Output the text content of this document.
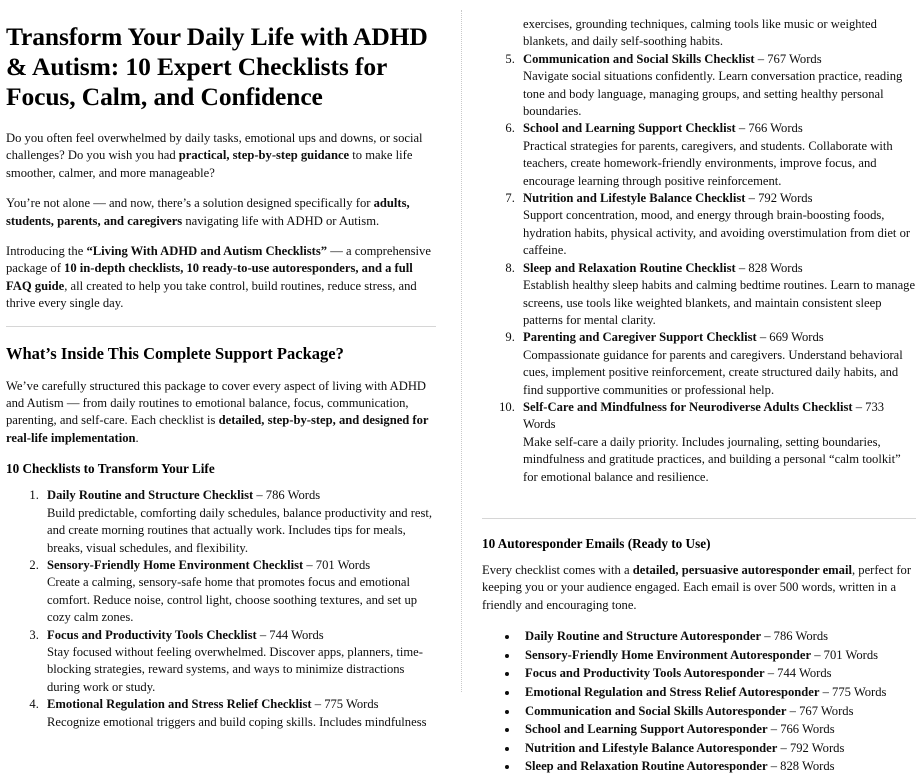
Transform Your Daily Life with ADHD & Autism: 10 Expert Checklists for Focus, Calm, and Confidence

Do you often feel overwhelmed by daily tasks, emotional ups and downs, or social challenges? Do you wish you had practical, step-by-step guidance to make life smoother, calmer, and more manageable?

You’re not alone — and now, there’s a solution designed specifically for adults, students, parents, and caregivers navigating life with ADHD or Autism.

Introducing the “Living With ADHD and Autism Checklists” — a comprehensive package of 10 in-depth checklists, 10 ready-to-use autoresponders, and a full FAQ guide, all created to help you take control, build routines, reduce stress, and thrive every single day.

What’s Inside This Complete Support Package?

We’ve carefully structured this package to cover every aspect of living with ADHD and Autism — from daily routines to emotional balance, focus, communication, parenting, and self-care. Each checklist is detailed, step-by-step, and designed for real-life implementation.

10 Checklists to Transform Your Life
1. Daily Routine and Structure Checklist – 786 Words
Build predictable, comforting daily schedules, balance productivity and rest, and create morning routines that actually work. Includes tips for meals, breaks, visual schedules, and flexibility.
2. Sensory-Friendly Home Environment Checklist – 701 Words
Create a calming, sensory-safe home that promotes focus and emotional comfort. Reduce noise, control light, choose soothing textures, and set up cozy calm zones.
3. Focus and Productivity Tools Checklist – 744 Words
Stay focused without feeling overwhelmed. Discover apps, planners, time-blocking strategies, reward systems, and ways to minimize distractions during work or study.
4. Emotional Regulation and Stress Relief Checklist – 775 Words
Recognize emotional triggers and build coping skills. Includes mindfulness
exercises, grounding techniques, calming tools like music or weighted blankets, and daily self-soothing habits.
5. Communication and Social Skills Checklist – 767 Words
Navigate social situations confidently. Learn conversation practice, reading tone and body language, managing groups, and setting healthy personal boundaries.
6. School and Learning Support Checklist – 766 Words
Practical strategies for parents, caregivers, and students. Collaborate with teachers, create homework-friendly environments, improve focus, and encourage learning through positive reinforcement.
7. Nutrition and Lifestyle Balance Checklist – 792 Words
Support concentration, mood, and energy through brain-boosting foods, hydration habits, physical activity, and avoiding overstimulation from diet or caffeine.
8. Sleep and Relaxation Routine Checklist – 828 Words
Establish healthy sleep habits and calming bedtime routines. Learn to manage screens, use tools like weighted blankets, and maintain consistent sleep patterns for mental clarity.
9. Parenting and Caregiver Support Checklist – 669 Words
Compassionate guidance for parents and caregivers. Understand behavioral cues, implement positive reinforcement, create structured daily habits, and find supportive communities or professional help.
10. Self-Care and Mindfulness for Neurodiverse Adults Checklist – 733 Words
Make self-care a daily priority. Includes journaling, setting boundaries, mindfulness and gratitude practices, and building a personal “calm toolkit” for emotional balance and resilience.
10 Autoresponder Emails (Ready to Use)

Every checklist comes with a detailed, persuasive autoresponder email, perfect for keeping you or your audience engaged. Each email is over 500 words, written in a friendly and encouraging tone.

• Daily Routine and Structure Autoresponder – 786 Words
• Sensory-Friendly Home Environment Autoresponder – 701 Words
• Focus and Productivity Tools Autoresponder – 744 Words
• Emotional Regulation and Stress Relief Autoresponder – 775 Words
• Communication and Social Skills Autoresponder – 767 Words
• School and Learning Support Autoresponder – 766 Words
• Nutrition and Lifestyle Balance Autoresponder – 792 Words
• Sleep and Relaxation Routine Autoresponder – 828 Words
